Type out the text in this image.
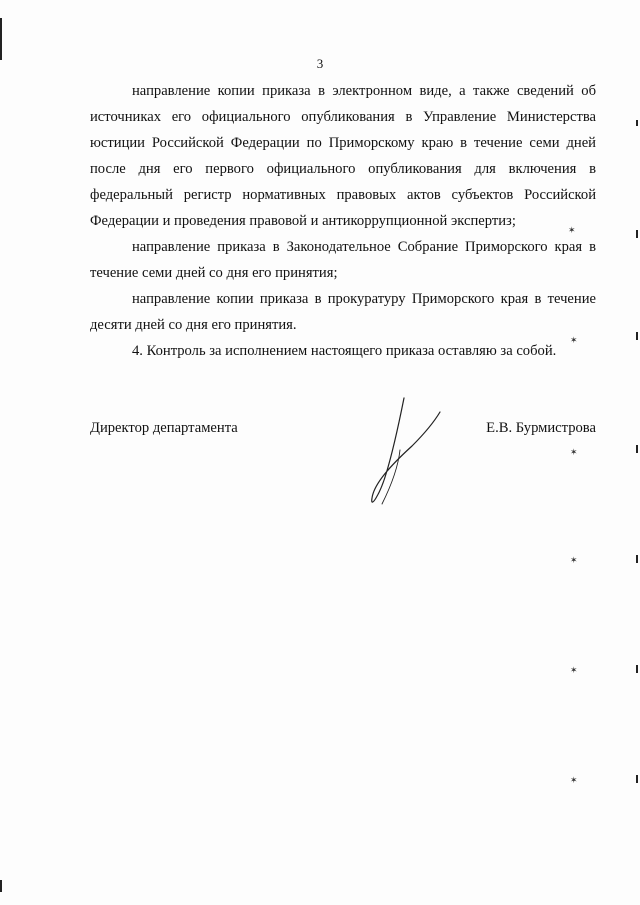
✶
✶
✶
✶
✶
✶
3

направление копии приказа в электронном виде, а также сведений об источниках его официального опубликования в Управление Министерства юстиции Российской Федерации по Приморскому краю в течение семи дней после дня его первого официального опубликования для включения в федеральный регистр нормативных правовых актов субъектов Российской Федерации и проведения правовой и антикоррупционной экспертиз;

направление приказа в Законодательное Собрание Приморского края в течение семи дней со дня его принятия;

направление копии приказа в прокуратуру Приморского края в течение десяти дней со дня его принятия.

4. Контроль за исполнением настоящего приказа оставляю за собой.

Директор департамента	Е.В. Бурмистрова
